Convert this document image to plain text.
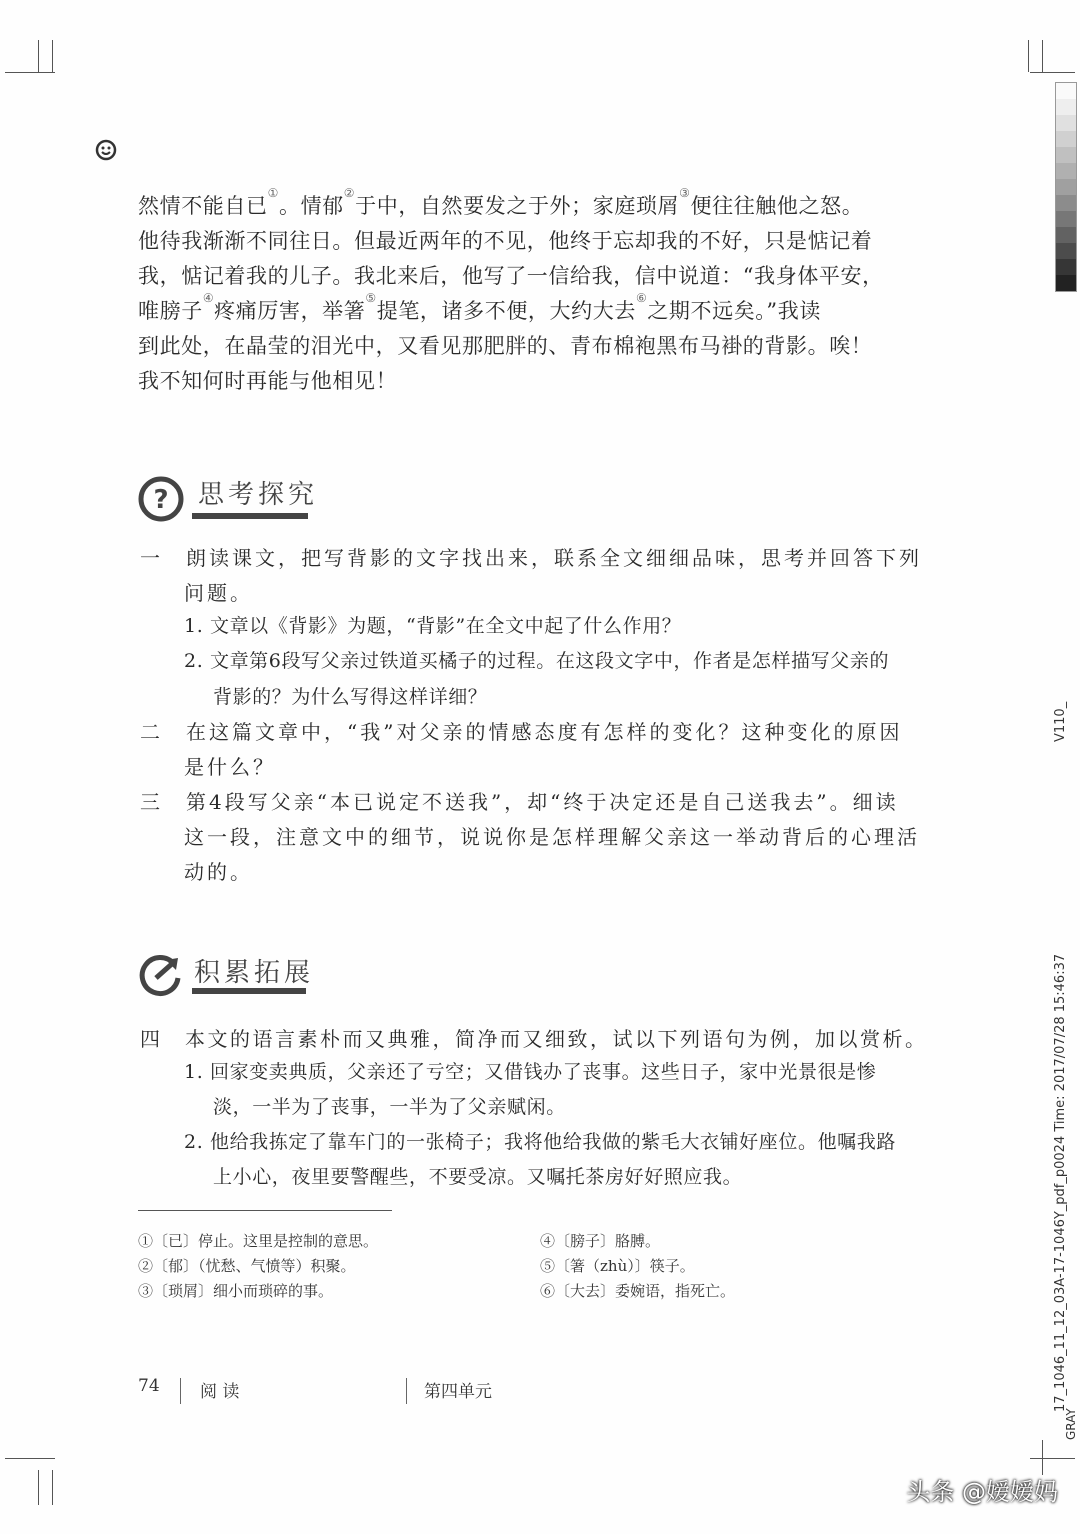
然情不能自已①。情郁②于中，自然要发之于外；家庭琐屑③便往往触他之怒。
他待我渐渐不同往日。但最近两年的不见，他终于忘却我的不好，只是惦记着
我，惦记着我的儿子。我北来后，他写了一信给我，信中说道：“我身体平安，
唯膀子④疼痛厉害，举箸⑤提笔，诸多不便，大约大去⑥之期不远矣。”我读
到此处，在晶莹的泪光中，又看见那肥胖的、青布棉袍黑布马褂的背影。唉！
我不知何时再能与他相见！
? 思考探究
一　朗读课文，把写背影的文字找出来，联系全文细细品味，思考并回答下列
问题。
1. 文章以《背影》为题，“背影”在全文中起了什么作用？
2. 文章第6段写父亲过铁道买橘子的过程。在这段文字中，作者是怎样描写父亲的
背影的？为什么写得这样详细？
二　在这篇文章中，“我”对父亲的情感态度有怎样的变化？这种变化的原因
是什么？
三　第4段写父亲“本已说定不送我”，却“终于决定还是自己送我去”。细读
这一段，注意文中的细节，说说你是怎样理解父亲这一举动背后的心理活
动的。
积累拓展
四　本文的语言素朴而又典雅，简净而又细致，试以下列语句为例，加以赏析。
1. 回家变卖典质，父亲还了亏空；又借钱办了丧事。这些日子，家中光景很是惨
淡，一半为了丧事，一半为了父亲赋闲。
2. 他给我拣定了靠车门的一张椅子；我将他给我做的紫毛大衣铺好座位。他嘱我路
上小心，夜里要警醒些，不要受凉。又嘱托茶房好好照应我。
①〔已〕停止。这里是控制的意思。
②〔郁〕（忧愁、气愤等）积聚。
③〔琐屑〕细小而琐碎的事。
④〔膀子〕胳膊。
⑤〔箸（zhù）〕筷子。
⑥〔大去〕委婉语，指死亡。
74 阅 读	第四单元
V110_
17_1046_11_12_03A-17-1046Y_pdf_p0024 Time: 2017/07/28 15:46:37
GRAY
头条 @嫒嫒妈
